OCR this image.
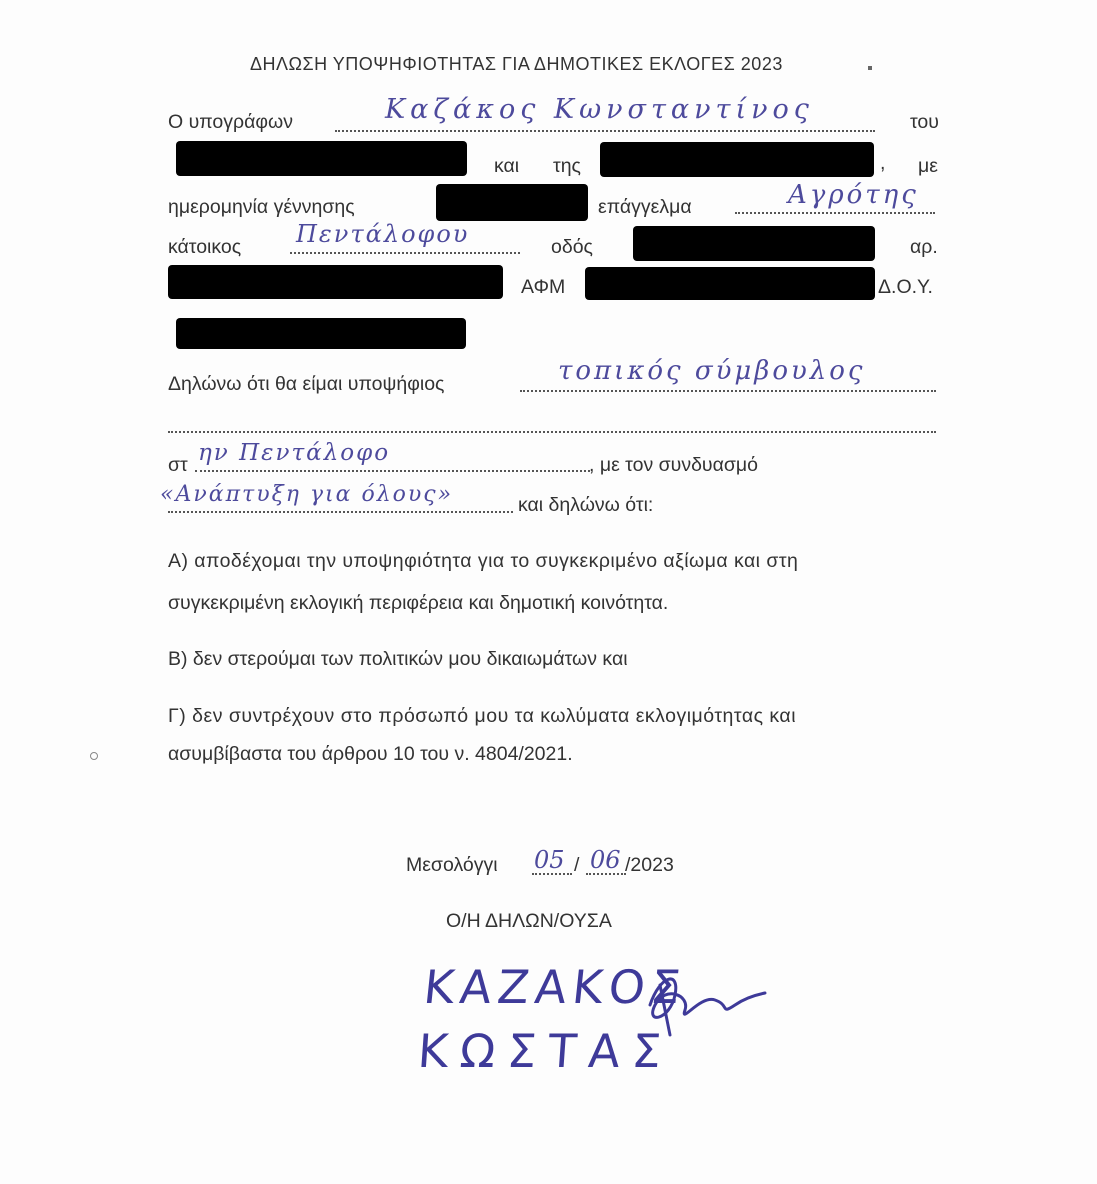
ΔΗΛΩΣΗ ΥΠΟΨΗΦΙΟΤΗΤΑΣ ΓΙΑ ΔΗΜΟΤΙΚΕΣ ΕΚΛΟΓΕΣ 2023
Ο υπογράφων	Καζάκος Κωνσταντίνος	του
και της	, με
ημερομηνία γέννησης	επάγγελμα	Αγρότης
κάτοικος Πεντάλοφου	οδός	αρ.
ΑΦΜ	Δ.Ο.Υ.
Δηλώνω ότι θα είμαι υποψήφιος	τοπικός σύμβουλος
στ ην Πεντάλοφο	, με τον συνδυασμό
«Ανάπτυξη για όλους»	και δηλώνω ότι:
Α) αποδέχομαι την υποψηφιότητα για το συγκεκριμένο αξίωμα και στη
συγκεκριμένη εκλογική περιφέρεια και δημοτική κοινότητα.
Β) δεν στερούμαι των πολιτικών μου δικαιωμάτων και
Γ) δεν συντρέχουν στο πρόσωπό μου τα κωλύματα εκλογιμότητας και
ασυμβίβαστα του άρθρου 10 του ν. 4804/2021.
Μεσολόγγι 05 / 06 /2023
Ο/Η ΔΗΛΩΝ/ΟΥΣΑ
ΚΑΖΑΚΟΣ
ΚΩΣΤΑΣ
